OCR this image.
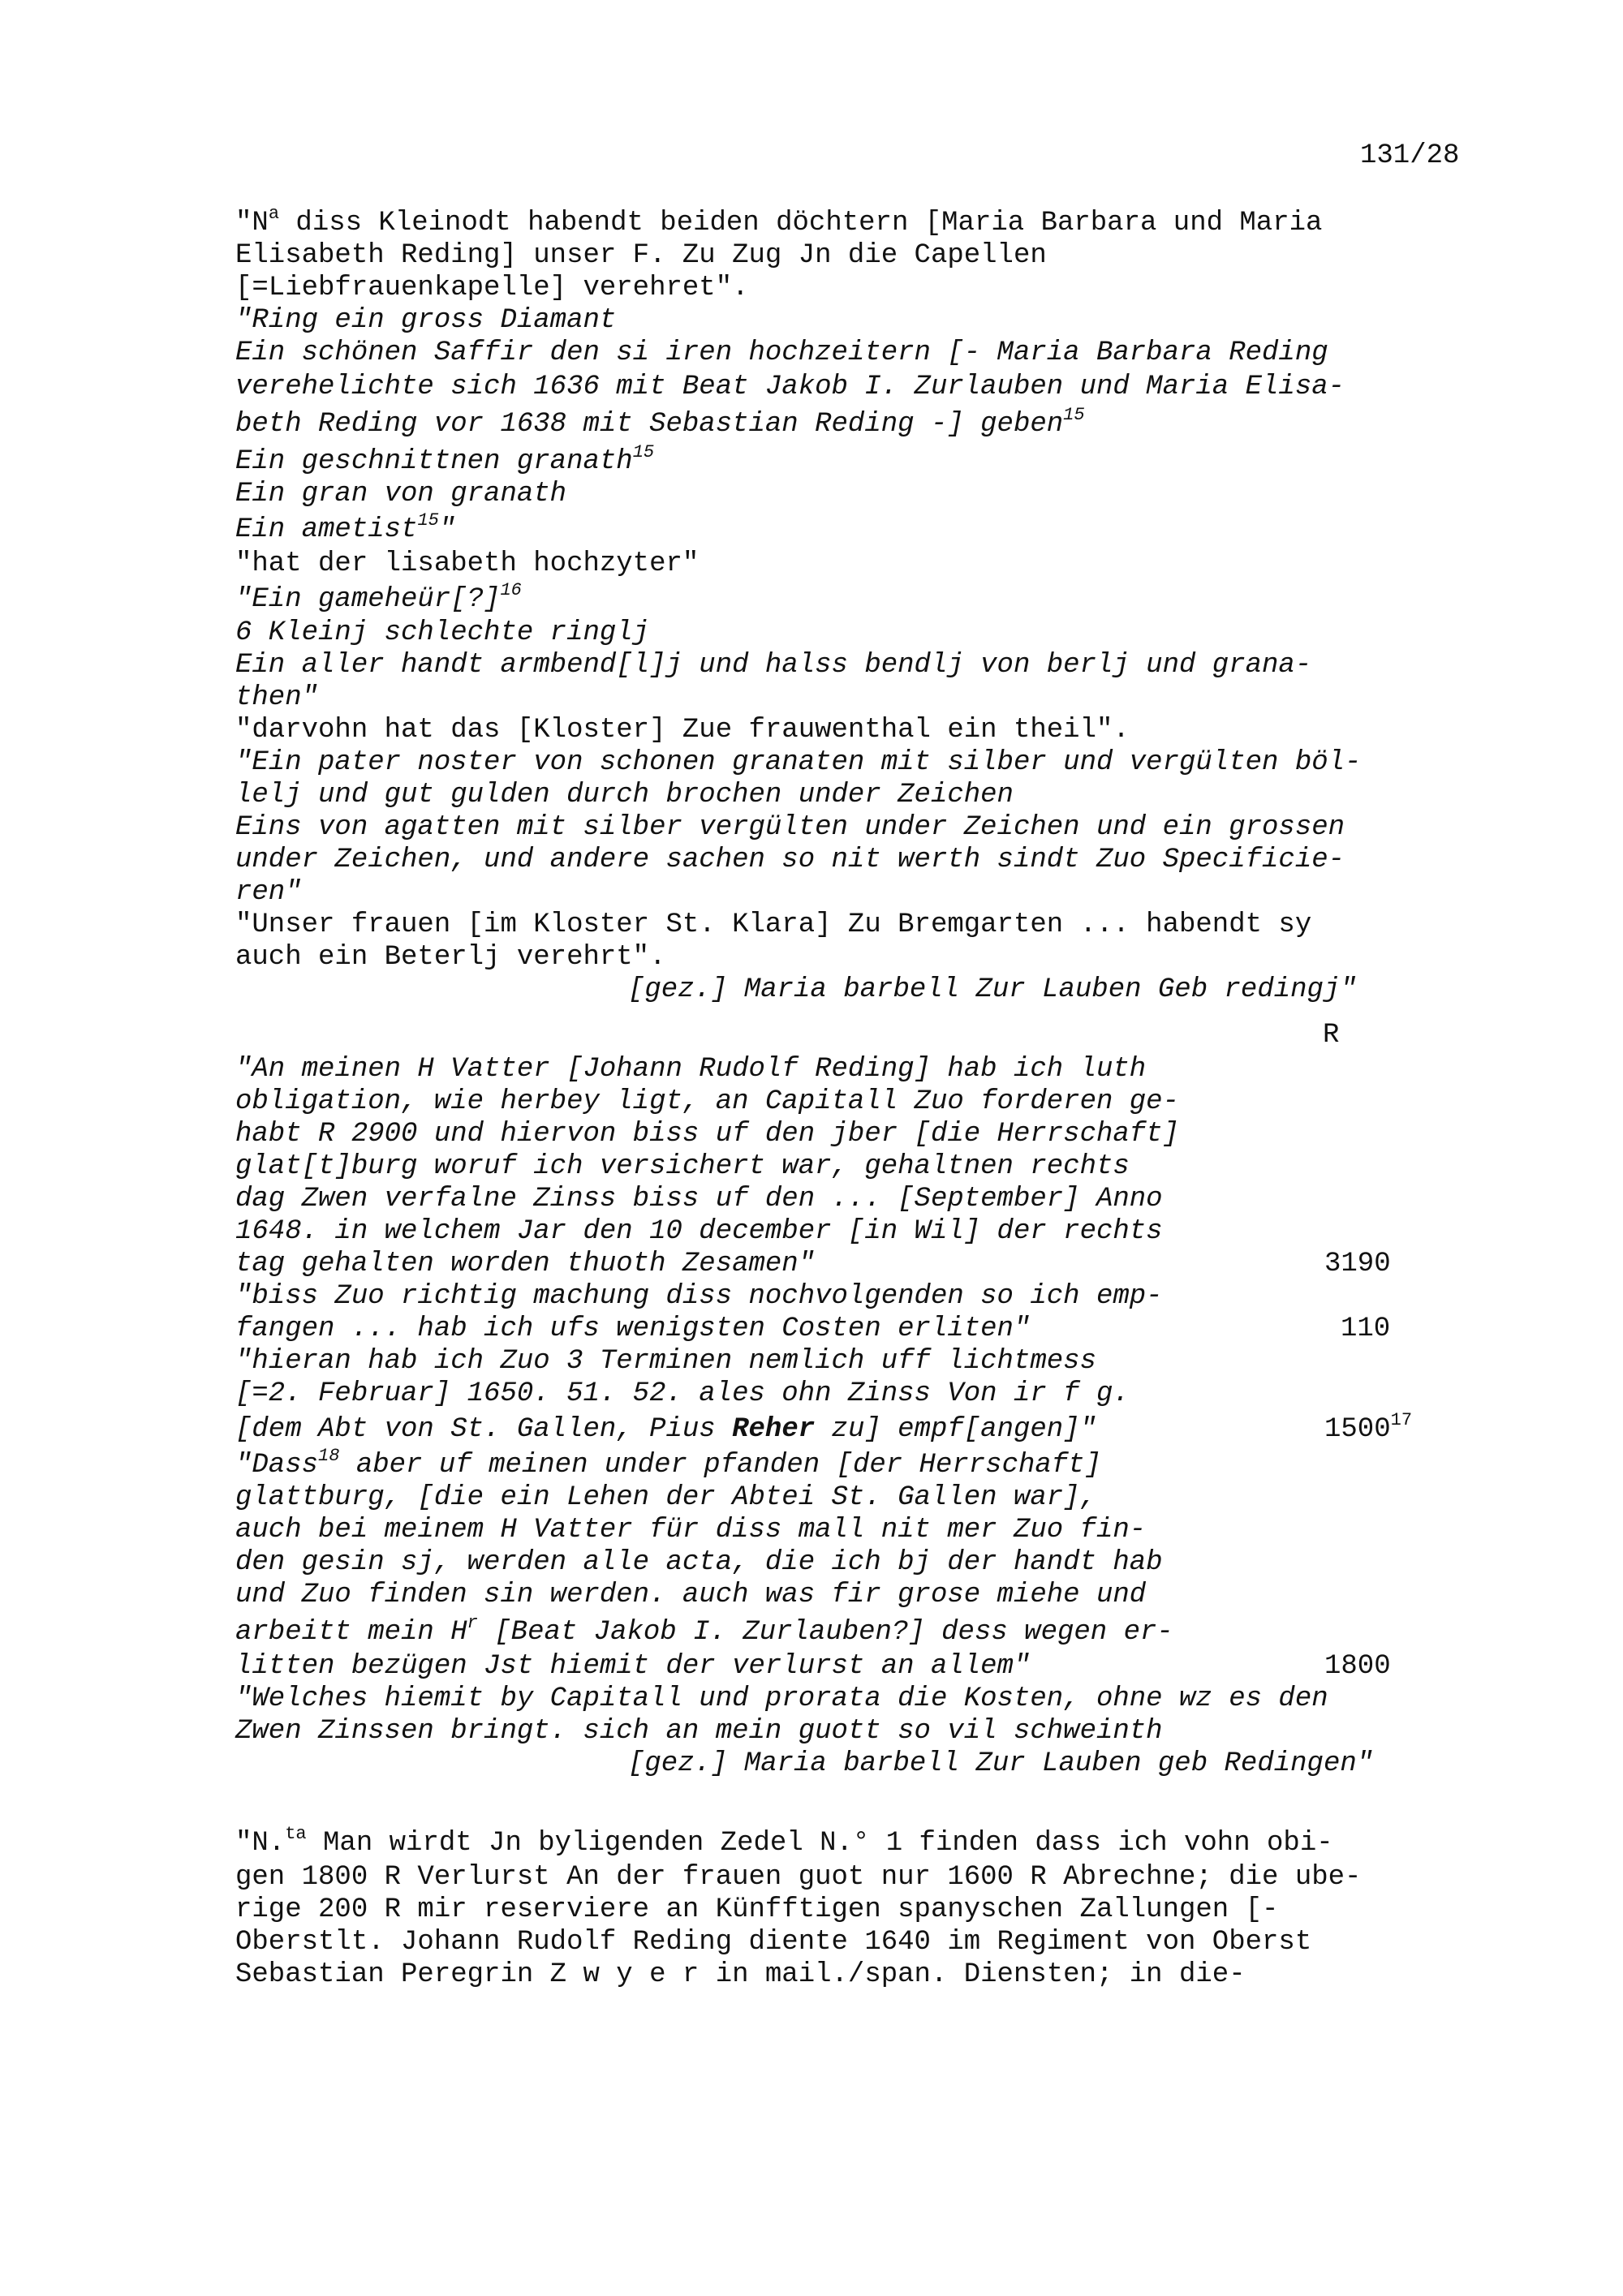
131/28
"$N^a$ diss Kleinodt habendt beiden döchtern [Maria Barbara und Maria
Elisabeth Reding] unser F. Zu Zug Jn die Capellen
[=Liebfrauenkapelle] verehret".
"Ring ein gross Diamant
Ein schönen Saffir den si iren hochzeitern [- Maria Barbara Reding
verehelichte sich 1636 mit Beat Jakob I. Zurlauben und Maria Elisa-
beth Reding vor 1638 mit Sebastian Reding -] geben$^{15}$
Ein geschnittnen granath$^{15}$
Ein gran von granath
Ein ametist$^{15}$"
"hat der lisabeth hochzyter"
"Ein gameheür[?]$^{16}$
6 Kleinj schlechte ringlj
Ein aller handt armbend[l]j und halss bendlj von berlj und grana-
then"
"darvohn hat das [Kloster] Zue frauwenthal ein theil".
"Ein pater noster von schonen granaten mit silber und vergülten böl-
lelj und gut gulden durch brochen under Zeichen
Eins von agatten mit silber vergülten under Zeichen und ein grossen
under Zeichen, und andere sachen so nit werth sindt Zuo Specificie-
ren"
"Unser frauen [im Kloster St. Klara] Zu Bremgarten ... habendt sy
auch ein Beterlj verehrt".
[gez.] Maria barbell Zur Lauben Geb redingj"
R
"An meinen H Vatter [Johann Rudolf Reding] hab ich luth
obligation, wie herbey ligt, an Capitall Zuo forderen ge-
habt R 2900 und hiervon biss uf den jber [die Herrschaft]
glat[t]burg woruf ich versichert war, gehaltnen rechts
dag Zwen verfalne Zinss biss uf den ... [September] Anno
1648. in welchem Jar den 10 december [in Wil] der rechts
tag gehalten worden thuoth Zesamen"	3190
"biss Zuo richtig machung diss nochvolgenden so ich emp-
fangen ... hab ich ufs wenigsten Costen erliten"	110
"hieran hab ich Zuo 3 Terminen nemlich uff lichtmess
[=2. Februar] 1650. 51. 52. ales ohn Zinss Von ir f g.
[dem Abt von St. Gallen, Pius Reher zu] empf[angen]"	1500$^{17}$
"Dass$^{18}$ aber uf meinen under pfanden [der Herrschaft]
glattburg, [die ein Lehen der Abtei St. Gallen war],
auch bei meinem H Vatter für diss mall nit mer Zuo fin-
den gesin sj, werden alle acta, die ich bj der handt hab
und Zuo finden sin werden. auch was fir grose miehe und
arbeitt mein $H^r$ [Beat Jakob I. Zurlauben?] dess wegen er-
litten bezügen Jst hiemit der verlurst an allem"	1800
"Welches hiemit by Capitall und prorata die Kosten, ohne wz es den
Zwen Zinssen bringt. sich an mein guott so vil schweinth
[gez.] Maria barbell Zur Lauben geb Redingen"
"N.$^{ta}$ Man wirdt Jn byligenden Zedel N.° 1 finden dass ich vohn obi-
gen 1800 R Verlurst An der frauen guot nur 1600 R Abrechne; die ube-
rige 200 R mir reserviere an Künfftigen spanyschen Zallungen [-
Oberstlt. Johann Rudolf Reding diente 1640 im Regiment von Oberst
Sebastian Peregrin Z w y e r in mail./span. Diensten; in die-
